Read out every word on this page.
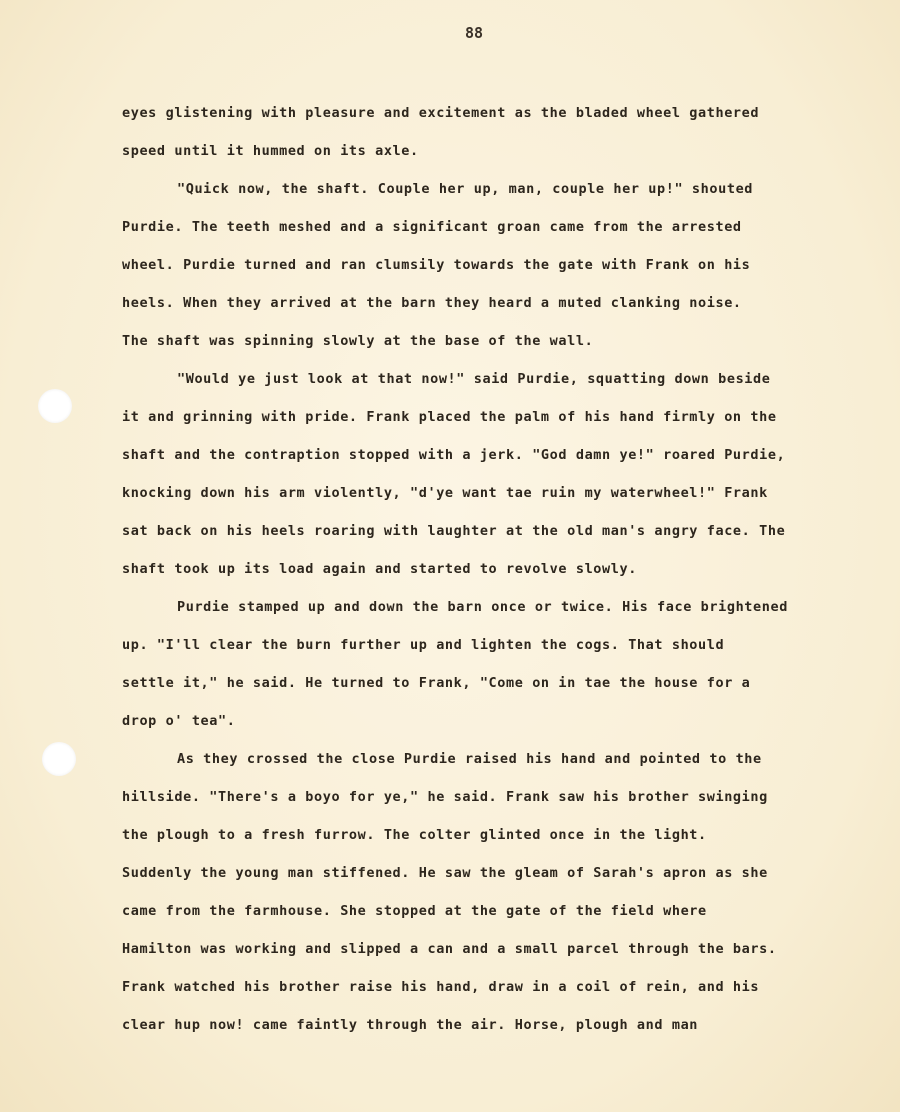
88
eyes glistening with pleasure and excitement as the bladed wheel gathered
speed until it hummed on its axle.
"Quick now, the shaft. Couple her up, man, couple her up!" shouted
Purdie. The teeth meshed and a significant groan came from the arrested
wheel. Purdie turned and ran clumsily towards the gate with Frank on his
heels. When they arrived at the barn they heard a muted clanking noise.
The shaft was spinning slowly at the base of the wall.
"Would ye just look at that now!" said Purdie, squatting down beside
it and grinning with pride. Frank placed the palm of his hand firmly on the
shaft and the contraption stopped with a jerk. "God damn ye!" roared Purdie,
knocking down his arm violently, "d'ye want tae ruin my waterwheel!" Frank
sat back on his heels roaring with laughter at the old man's angry face. The
shaft took up its load again and started to revolve slowly.
Purdie stamped up and down the barn once or twice. His face brightened
up. "I'll clear the burn further up and lighten the cogs. That should
settle it," he said. He turned to Frank, "Come on in tae the house for a
drop o' tea".
As they crossed the close Purdie raised his hand and pointed to the
hillside. "There's a boyo for ye," he said. Frank saw his brother swinging
the plough to a fresh furrow. The colter glinted once in the light.
Suddenly the young man stiffened. He saw the gleam of Sarah's apron as she
came from the farmhouse. She stopped at the gate of the field where
Hamilton was working and slipped a can and a small parcel through the bars.
Frank watched his brother raise his hand, draw in a coil of rein, and his
clear hup now! came faintly through the air. Horse, plough and man
